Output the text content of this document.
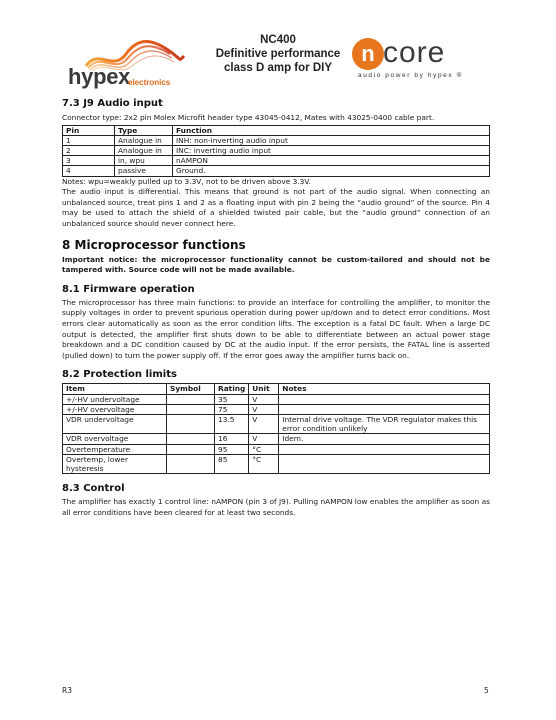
hypex
electronics
NC400
Definitive performance
class D amp for DIY
n core
audio power by hypex ®
7.3 J9 Audio input

Connector type: 2x2 pin Molex Microfit header type 43045-0412, Mates with 43025-0400 cable part.

Pin	Type	Function
1	Analogue in	INH: non-inverting audio input
2	Analogue in	INC: inverting audio input
3	in, wpu	nAMPON
4	passive	Ground.

Notes: wpu=weakly pulled up to 3.3V, not to be driven above 3.3V.

The audio input is differential. This means that ground is not part of the audio signal. When connecting an unbalanced source, treat pins 1 and 2 as a floating input with pin 2 being the “audio ground” of the source. Pin 4 may be used to attach the shield of a shielded twisted pair cable, but the “audio ground” connection of an unbalanced source should never connect here.

8 Microprocessor functions

Important notice: the microprocessor functionality cannot be custom-tailored and should not be tampered with. Source code will not be made available.

8.1 Firmware operation

The microprocessor has three main functions: to provide an interface for controlling the amplifier, to monitor the supply voltages in order to prevent spurious operation during power up/down and to detect error conditions. Most errors clear automatically as soon as the error condition lifts. The exception is a fatal DC fault. When a large DC output is detected, the amplifier first shuts down to be able to differentiate between an actual power stage breakdown and a DC condition caused by DC at the audio input. If the error persists, the FATAL line is asserted (pulled down) to turn the power supply off. If the error goes away the amplifier turns back on.

8.2 Protection limits
Item	Symbol	Rating	Unit	Notes
+/-HV undervoltage		35	V	
+/-HV overvoltage		75	V	
VDR undervoltage		13.5	V	Internal drive voltage. The VDR regulator makes this error condition unlikely
VDR overvoltage		16	V	Idem.
Overtemperature		95	°C	
Overtemp, lower hysteresis		85	°C	
8.3 Control

The amplifier has exactly 1 control line: nAMPON (pin 3 of J9). Pulling nAMPON low enables the amplifier as soon as all error conditions have been cleared for at least two seconds.

R3	5
